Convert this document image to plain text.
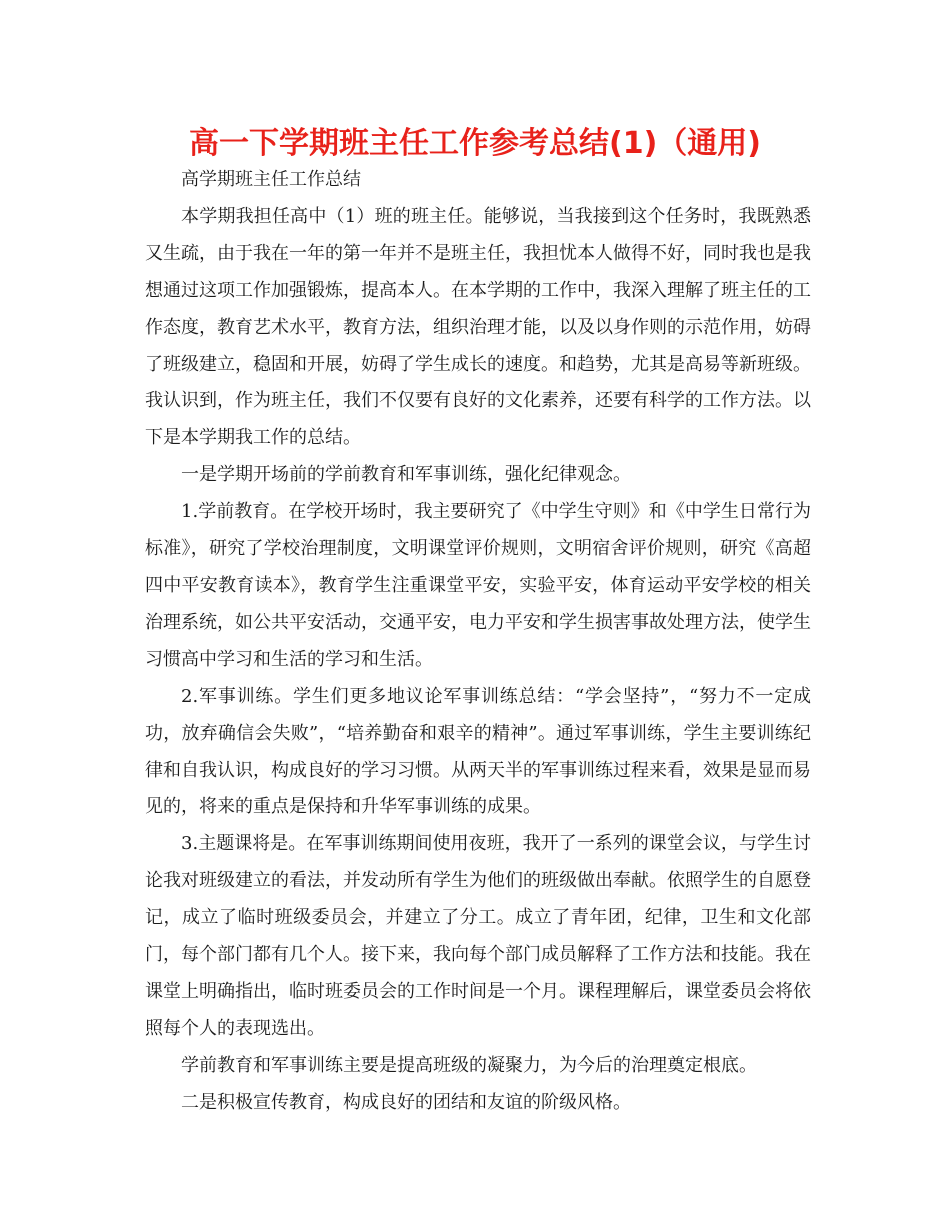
高一下学期班主任工作参考总结(1)（通用)

高学期班主任工作总结

本学期我担任高中（1）班的班主任。能够说，当我接到这个任务时，我既熟悉又生疏，由于我在一年的第一年并不是班主任，我担忧本人做得不好，同时我也是我想通过这项工作加强锻炼，提高本人。在本学期的工作中，我深入理解了班主任的工作态度，教育艺术水平，教育方法，组织治理才能，以及以身作则的示范作用，妨碍了班级建立，稳固和开展，妨碍了学生成长的速度。和趋势，尤其是高易等新班级。我认识到，作为班主任，我们不仅要有良好的文化素养，还要有科学的工作方法。以下是本学期我工作的总结。

一是学期开场前的学前教育和军事训练，强化纪律观念。

1.学前教育。在学校开场时，我主要研究了《中学生守则》和《中学生日常行为标准》，研究了学校治理制度，文明课堂评价规则，文明宿舍评价规则，研究《高超四中平安教育读本》，教育学生注重课堂平安，实验平安，体育运动平安学校的相关治理系统，如公共平安活动，交通平安，电力平安和学生损害事故处理方法，使学生习惯高中学习和生活的学习和生活。

2.军事训练。学生们更多地议论军事训练总结：“学会坚持”，“努力不一定成功，放弃确信会失败”，“培养勤奋和艰辛的精神”。通过军事训练，学生主要训练纪律和自我认识，构成良好的学习习惯。从两天半的军事训练过程来看，效果是显而易见的，将来的重点是保持和升华军事训练的成果。

3.主题课将是。在军事训练期间使用夜班，我开了一系列的课堂会议，与学生讨论我对班级建立的看法，并发动所有学生为他们的班级做出奉献。依照学生的自愿登记，成立了临时班级委员会，并建立了分工。成立了青年团，纪律，卫生和文化部门，每个部门都有几个人。接下来，我向每个部门成员解释了工作方法和技能。我在课堂上明确指出，临时班委员会的工作时间是一个月。课程理解后，课堂委员会将依照每个人的表现选出。

学前教育和军事训练主要是提高班级的凝聚力，为今后的治理奠定根底。

二是积极宣传教育，构成良好的团结和友谊的阶级风格。
